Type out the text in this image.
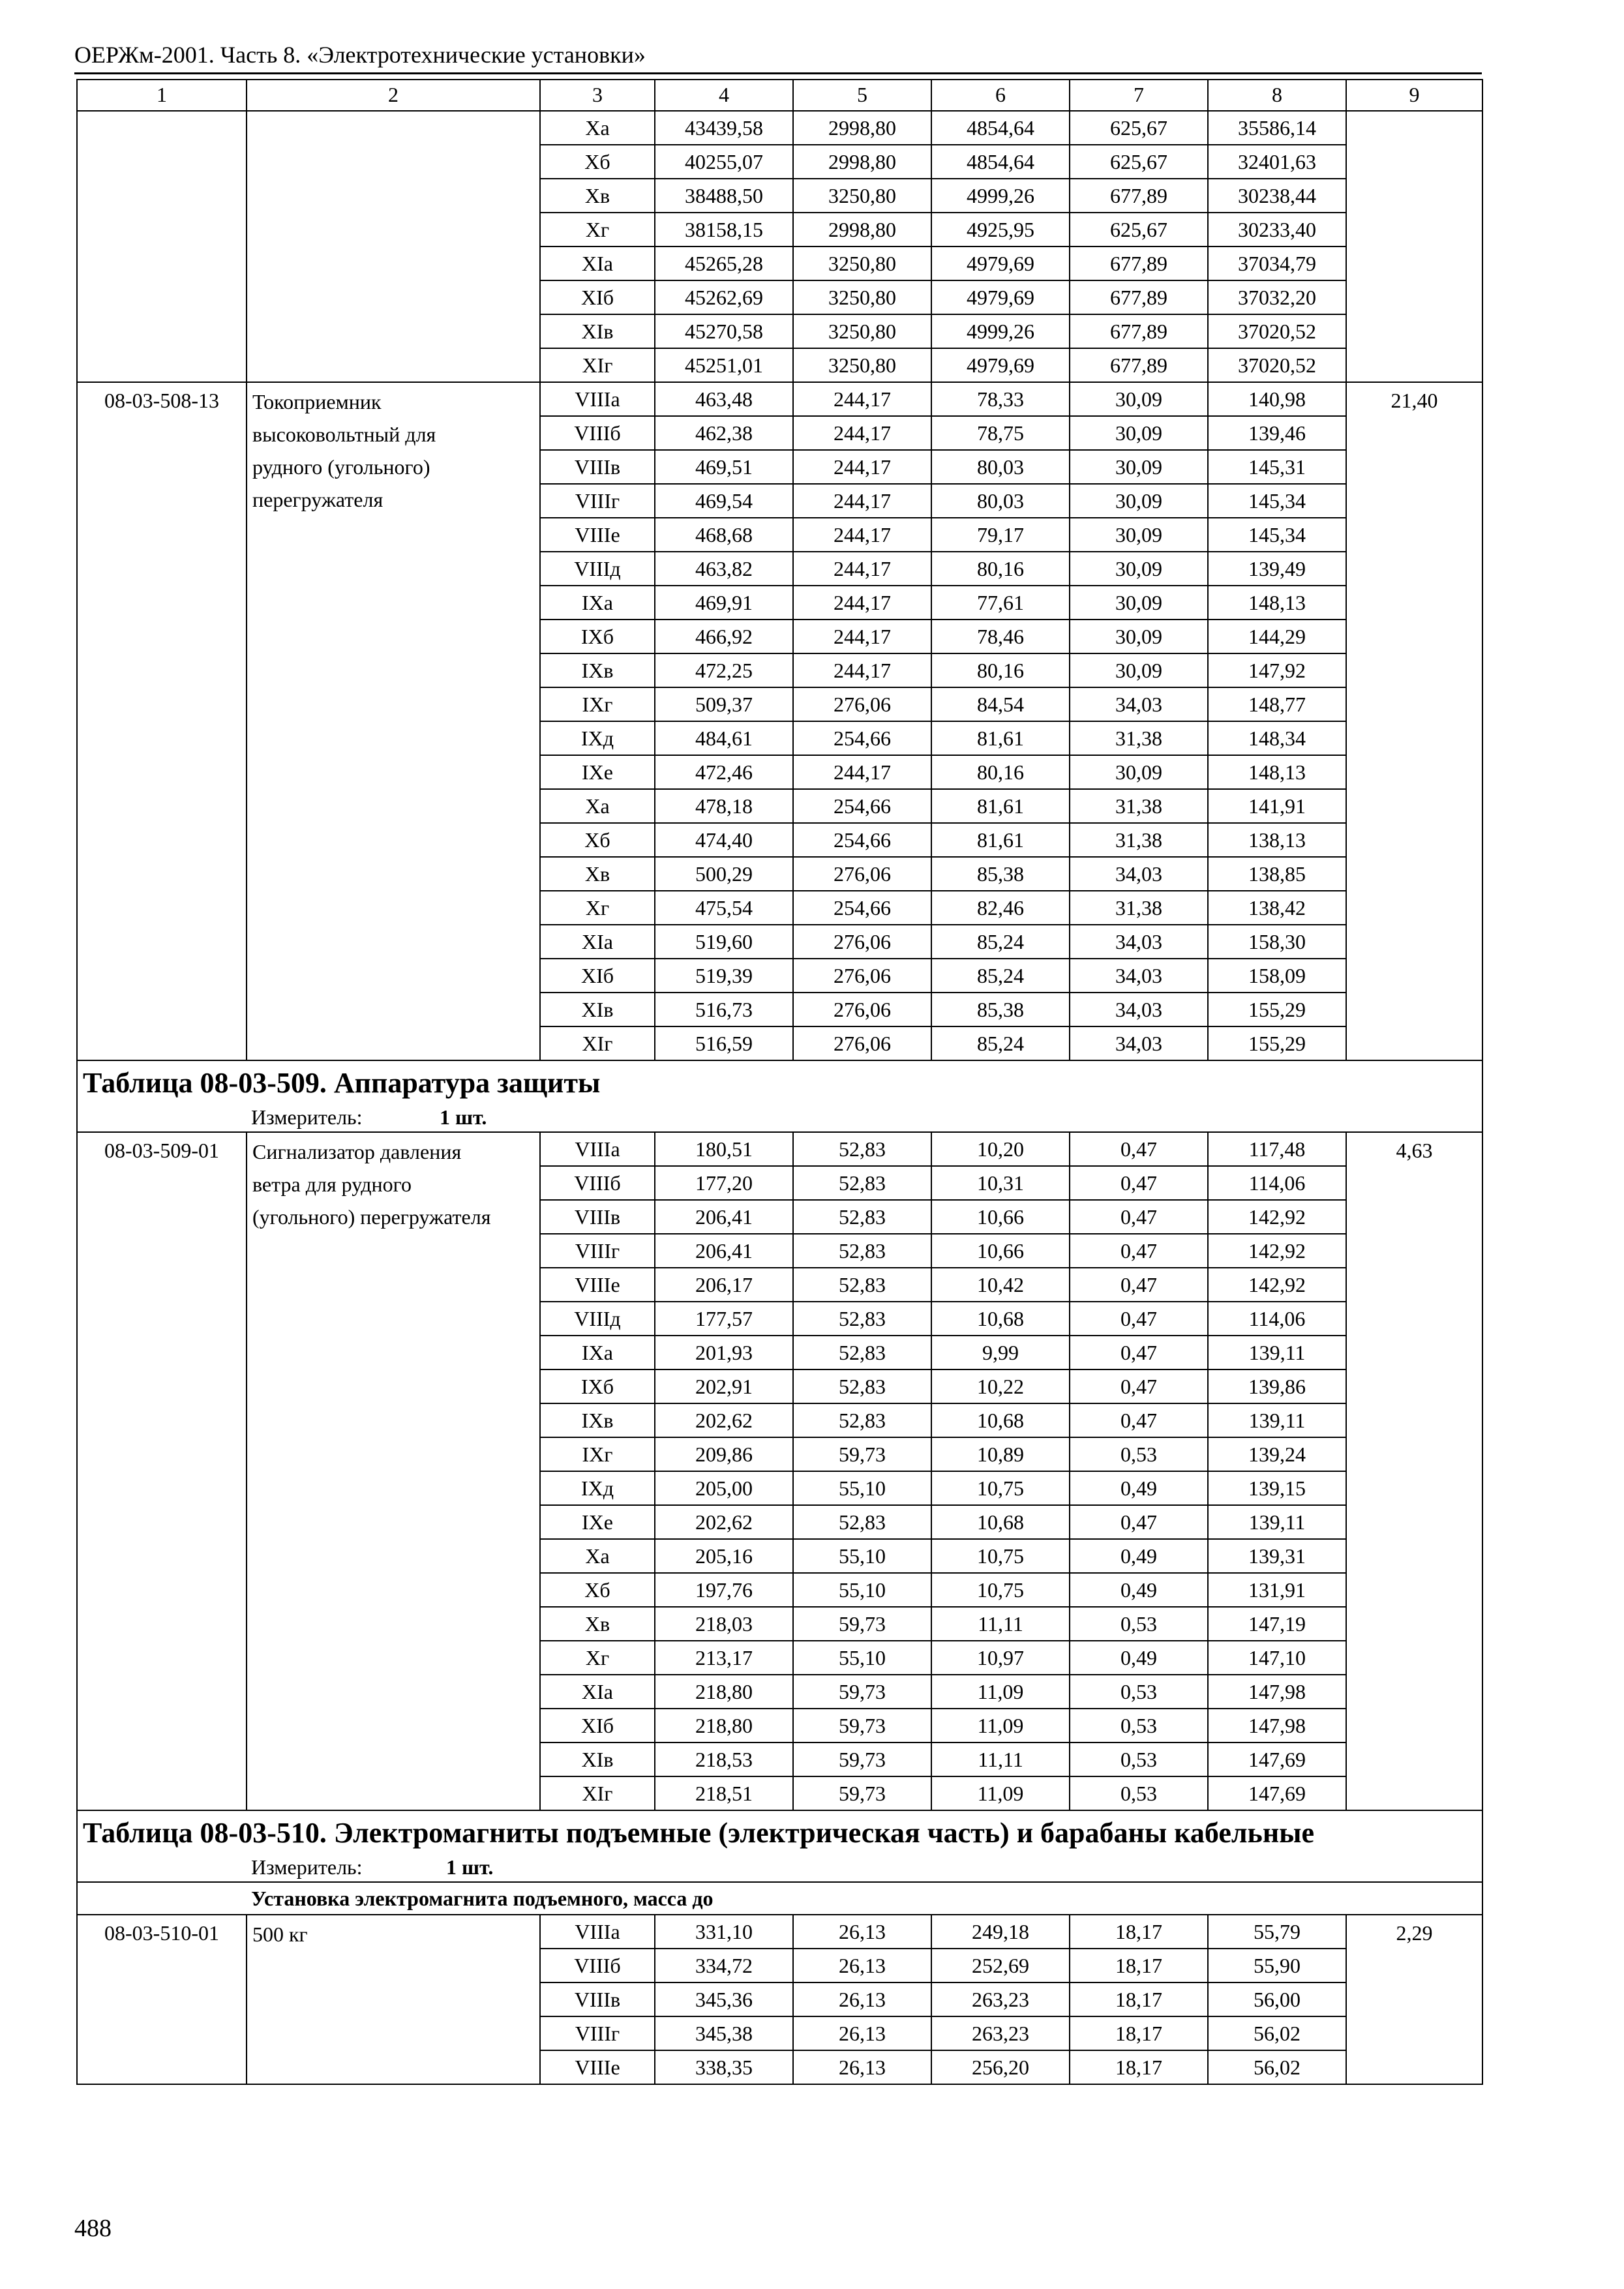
ОЕРЖм-2001. Часть 8. «Электротехнические установки»
1	2	3	4	5	6	7	8	9
		Xa	43439,58	2998,80	4854,64	625,67	35586,14	
		Xб	40255,07	2998,80	4854,64	625,67	32401,63	
		Xв	38488,50	3250,80	4999,26	677,89	30238,44	
		Xг	38158,15	2998,80	4925,95	625,67	30233,40	
		XIa	45265,28	3250,80	4979,69	677,89	37034,79	
		XIб	45262,69	3250,80	4979,69	677,89	37032,20	
		XIв	45270,58	3250,80	4999,26	677,89	37020,52	
		XIг	45251,01	3250,80	4979,69	677,89	37020,52	
08-03-508-13	Токоприемник
высоковольтный для
рудного (угольного)
перегружателя	VIIIa	463,48	244,17	78,33	30,09	140,98	21,40
		VIIIб	462,38	244,17	78,75	30,09	139,46	
		VIIIв	469,51	244,17	80,03	30,09	145,31	
		VIIIг	469,54	244,17	80,03	30,09	145,34	
		VIIIе	468,68	244,17	79,17	30,09	145,34	
		VIIIд	463,82	244,17	80,16	30,09	139,49	
		IXa	469,91	244,17	77,61	30,09	148,13	
		IXб	466,92	244,17	78,46	30,09	144,29	
		IXв	472,25	244,17	80,16	30,09	147,92	
		IXг	509,37	276,06	84,54	34,03	148,77	
		IXд	484,61	254,66	81,61	31,38	148,34	
		IXе	472,46	244,17	80,16	30,09	148,13	
		Xa	478,18	254,66	81,61	31,38	141,91	
		Xб	474,40	254,66	81,61	31,38	138,13	
		Xв	500,29	276,06	85,38	34,03	138,85	
		Xг	475,54	254,66	82,46	31,38	138,42	
		XIa	519,60	276,06	85,24	34,03	158,30	
		XIб	519,39	276,06	85,24	34,03	158,09	
		XIв	516,73	276,06	85,38	34,03	155,29	
		XIг	516,59	276,06	85,24	34,03	155,29	

Таблица 08-03-509. Аппаратура защиты
Измеритель: 1 шт.								

08-03-509-01	Сигнализатор давления
ветра для рудного
(угольного) перегружателя	VIIIa	180,51	52,83	10,20	0,47	117,48	4,63
		VIIIб	177,20	52,83	10,31	0,47	114,06	
		VIIIв	206,41	52,83	10,66	0,47	142,92	
		VIIIг	206,41	52,83	10,66	0,47	142,92	
		VIIIе	206,17	52,83	10,42	0,47	142,92	
		VIIIд	177,57	52,83	10,68	0,47	114,06	
		IXa	201,93	52,83	9,99	0,47	139,11	
		IXб	202,91	52,83	10,22	0,47	139,86	
		IXв	202,62	52,83	10,68	0,47	139,11	
		IXг	209,86	59,73	10,89	0,53	139,24	
		IXд	205,00	55,10	10,75	0,49	139,15	
		IXе	202,62	52,83	10,68	0,47	139,11	
		Xa	205,16	55,10	10,75	0,49	139,31	
		Xб	197,76	55,10	10,75	0,49	131,91	
		Xв	218,03	59,73	11,11	0,53	147,19	
		Xг	213,17	55,10	10,97	0,49	147,10	
		XIa	218,80	59,73	11,09	0,53	147,98	
		XIб	218,80	59,73	11,09	0,53	147,98	
		XIв	218,53	59,73	11,11	0,53	147,69	
		XIг	218,51	59,73	11,09	0,53	147,69	

Таблица 08-03-510. Электромагниты подъемные (электрическая часть) и барабаны кабельные
Измеритель: 1 шт.								

Установка электромагнита подъемного, масса до								

08-03-510-01	500 кг	VIIIa	331,10	26,13	249,18	18,17	55,79	2,29
		VIIIб	334,72	26,13	252,69	18,17	55,90	
		VIIIв	345,36	26,13	263,23	18,17	56,00	
		VIIIг	345,38	26,13	263,23	18,17	56,02	
		VIIIе	338,35	26,13	256,20	18,17	56,02	
488
